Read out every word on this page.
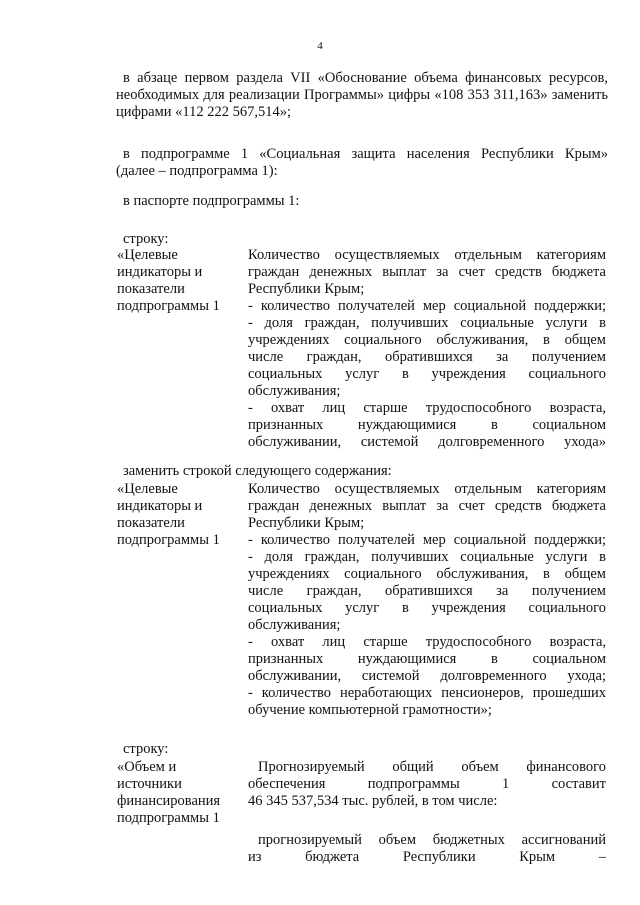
4
в абзаце первом раздела VII «Обоснование объема финансовых ресурсов,
необходимых для реализации Программы» цифры «108 353 311,163» заменить
цифрами «112 222 567,514»;
в подпрограмме 1 «Социальная защита населения Республики Крым»
(далее – подпрограмма 1):
в паспорте подпрограммы 1:
строку:
«Целевые
индикаторы и
показатели
подпрограммы 1
Количество осуществляемых отдельным категориям
граждан денежных выплат за счет средств бюджета
Республики Крым;
- количество получателей мер социальной поддержки;
- доля граждан, получивших социальные услуги в
учреждениях социального обслуживания, в общем
числе граждан, обратившихся за получением
социальных услуг в учреждения социального
обслуживания;
- охват лиц старше трудоспособного возраста,
признанных нуждающимися в социальном
обслуживании, системой долговременного ухода»
заменить строкой следующего содержания:
«Целевые
индикаторы и
показатели
подпрограммы 1
Количество осуществляемых отдельным категориям
граждан денежных выплат за счет средств бюджета
Республики Крым;
- количество получателей мер социальной поддержки;
- доля граждан, получивших социальные услуги в
учреждениях социального обслуживания, в общем
числе граждан, обратившихся за получением
социальных услуг в учреждения социального
обслуживания;
- охват лиц старше трудоспособного возраста,
признанных нуждающимися в социальном
обслуживании, системой долговременного ухода;
- количество неработающих пенсионеров, прошедших
обучение компьютерной грамотности»;
строку:
«Объем и
источники
финансирования
подпрограммы 1
Прогнозируемый общий объем финансового
обеспечения подпрограммы 1 составит
46 345 537,534 тыс. рублей, в том числе:
прогнозируемый объем бюджетных ассигнований
из бюджета Республики Крым –
